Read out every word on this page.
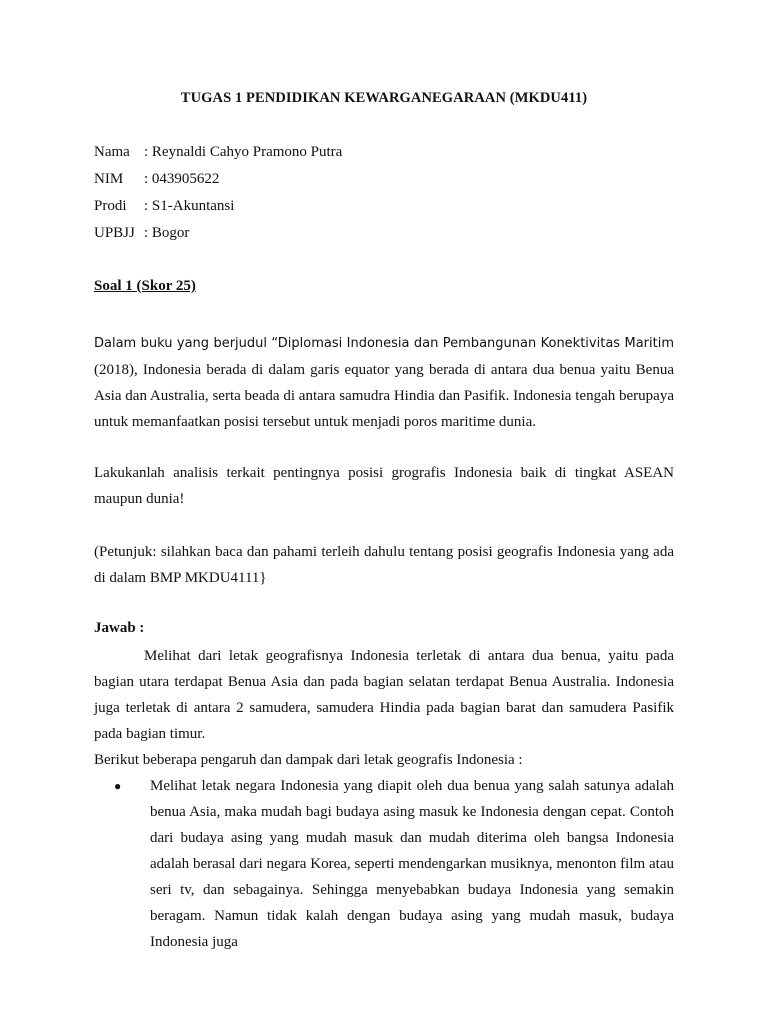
TUGAS 1 PENDIDIKAN KEWARGANEGARAAN (MKDU411)
Nama : Reynaldi Cahyo Pramono Putra
NIM	: 043905622
Prodi	: S1-Akuntansi
UPBJJ : Bogor
Soal 1 (Skor 25)
Dalam buku yang berjudul “Diplomasi Indonesia dan Pembangunan Konektivitas Maritim (2018), Indonesia berada di dalam garis equator yang berada di antara dua benua yaitu Benua Asia dan Australia, serta beada di antara samudra Hindia dan Pasifik. Indonesia tengah berupaya untuk memanfaatkan posisi tersebut untuk menjadi poros maritime dunia.
Lakukanlah analisis terkait pentingnya posisi grografis Indonesia baik di tingkat ASEAN maupun dunia!
(Petunjuk: silahkan baca dan pahami terleih dahulu tentang posisi geografis Indonesia yang ada di dalam BMP MKDU4111}
Jawab :
Melihat dari letak geografisnya Indonesia terletak di antara dua benua, yaitu pada bagian utara terdapat Benua Asia dan pada bagian selatan terdapat Benua Australia. Indonesia juga terletak di antara 2 samudera, samudera Hindia pada bagian barat dan samudera Pasifik pada bagian timur.
Berikut beberapa pengaruh dan dampak dari letak geografis Indonesia :
●	Melihat letak negara Indonesia yang diapit oleh dua benua yang salah satunya adalah benua Asia, maka mudah bagi budaya asing masuk ke Indonesia dengan cepat. Contoh dari budaya asing yang mudah masuk dan mudah diterima oleh bangsa Indonesia adalah berasal dari negara Korea, seperti mendengarkan musiknya, menonton film atau seri tv, dan sebagainya. Sehingga menyebabkan budaya Indonesia yang semakin beragam. Namun tidak kalah dengan budaya asing yang mudah masuk, budaya Indonesia juga
